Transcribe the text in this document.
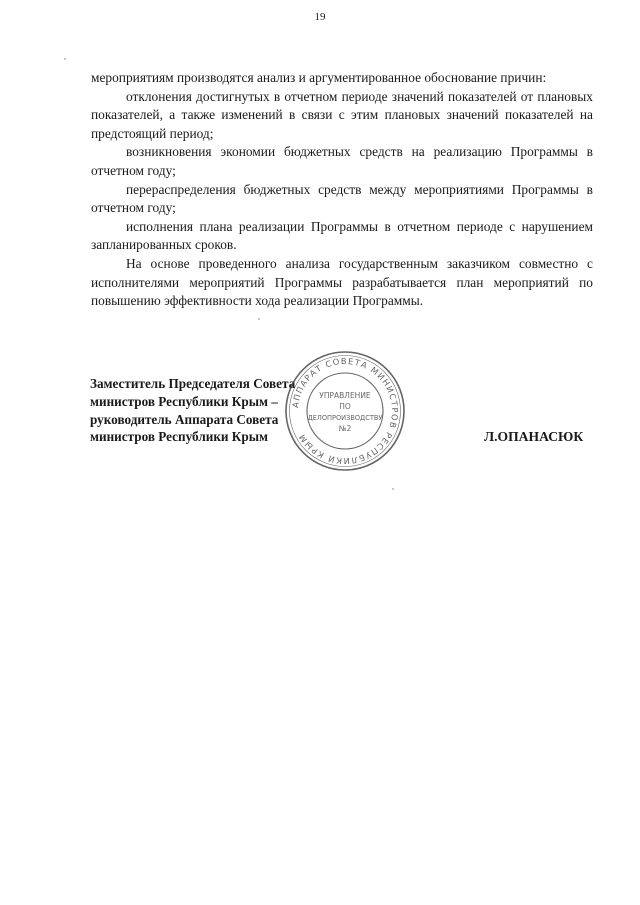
19

мероприятиям производятся анализ и аргументированное обоснование причин:

отклонения достигнутых в отчетном периоде значений показателей от плановых показателей, а также изменений в связи с этим плановых значений показателей на предстоящий период;

возникновения экономии бюджетных средств на реализацию Программы в отчетном году;

перераспределения бюджетных средств между мероприятиями Программы в отчетном году;

исполнения плана реализации Программы в отчетном периоде с нарушением запланированных сроков.

На основе проведенного анализа государственным заказчиком совместно с исполнителями мероприятий Программы разрабатывается план мероприятий по повышению эффективности хода реализации Программы.

Заместитель Председателя Совета
министров Республики Крым –
руководитель Аппарата Совета
министров Республики Крым	Л.ОПАНАСЮК
АППАРАТ СОВЕТА МИНИСТРОВ РЕСПУБЛИКИ КРЫМ
УПРАВЛЕНИЕ
ПО
ДЕЛОПРОИЗВОДСТВУ
№2
